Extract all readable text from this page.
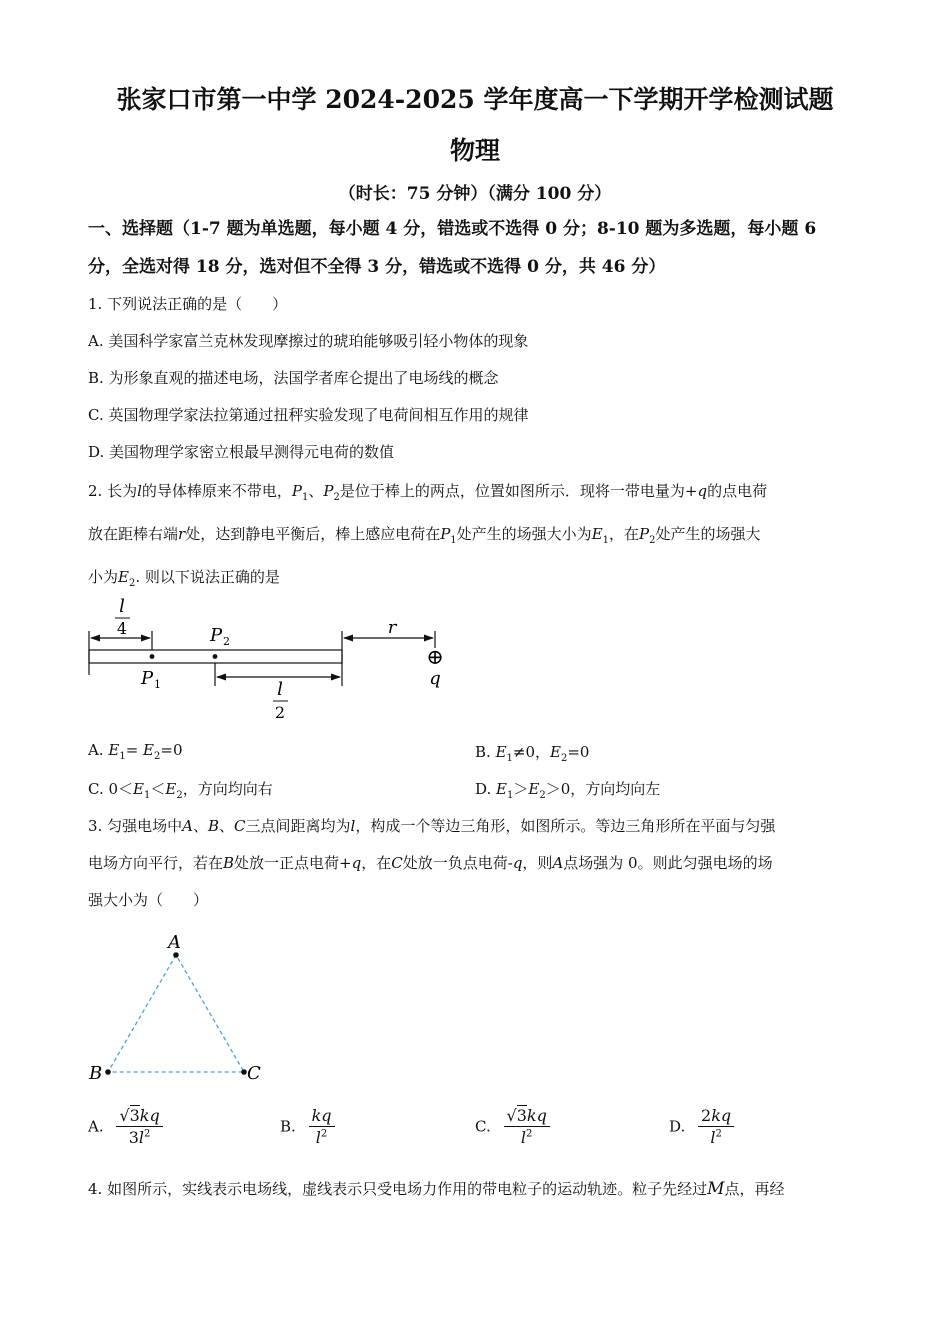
张家口市第一中学 2024-2025 学年度高一下学期开学检测试题
物理
（时长：75 分钟）（满分 100 分）
一、选择题（1-7 题为单选题，每小题 4 分，错选或不选得 0 分；8-10 题为多选题，每小题 6
分，全选对得 18 分，选对但不全得 3 分，错选或不选得 0 分，共 46 分）
1. 下列说法正确的是（　　）
A. 美国科学家富兰克林发现摩擦过的琥珀能够吸引轻小物体的现象
B. 为形象直观的描述电场，法国学者库仑提出了电场线的概念
C. 英国物理学家法拉第通过扭秤实验发现了电荷间相互作用的规律
D. 美国物理学家密立根最早测得元电荷的数值
2. 长为l的导体棒原来不带电，$P_1$、$P_2$是位于棒上的两点，位置如图所示．现将一带电量为+q的点电荷
放在距棒右端r处，达到静电平衡后，棒上感应电荷在$P_1$处产生的场强大小为$E_1$，在$P_2$处产生的场强大
小为$E_2$. 则以下说法正确的是
l
4	P 2
P 1
r
⊕
q
l
2
A. $E_1= E_2=0$	B. $E_1\ne 0$，$E_2=0$
C. $0<E_1<E_2$，方向均向右	D. $E_1>E_2>0$，方向均向左
3. 匀强电场中A、B、C三点间距离均为l，构成一个等边三角形，如图所示。等边三角形所在平面与匀强
电场方向平行，若在B处放一正点电荷+q，在C处放一负点电荷-q，则A点场强为 0。则此匀强电场的场
强大小为（　　）
A
B	C
A. $\frac{√3kq}{3l^2}$	B. $\frac{kq}{l^2}$	C. $\frac{√3kq}{l^2}$	D. $\frac{2kq}{l^2}$
4. 如图所示，实线表示电场线，虚线表示只受电场力作用的带电粒子的运动轨迹。粒子先经过M点，再经
